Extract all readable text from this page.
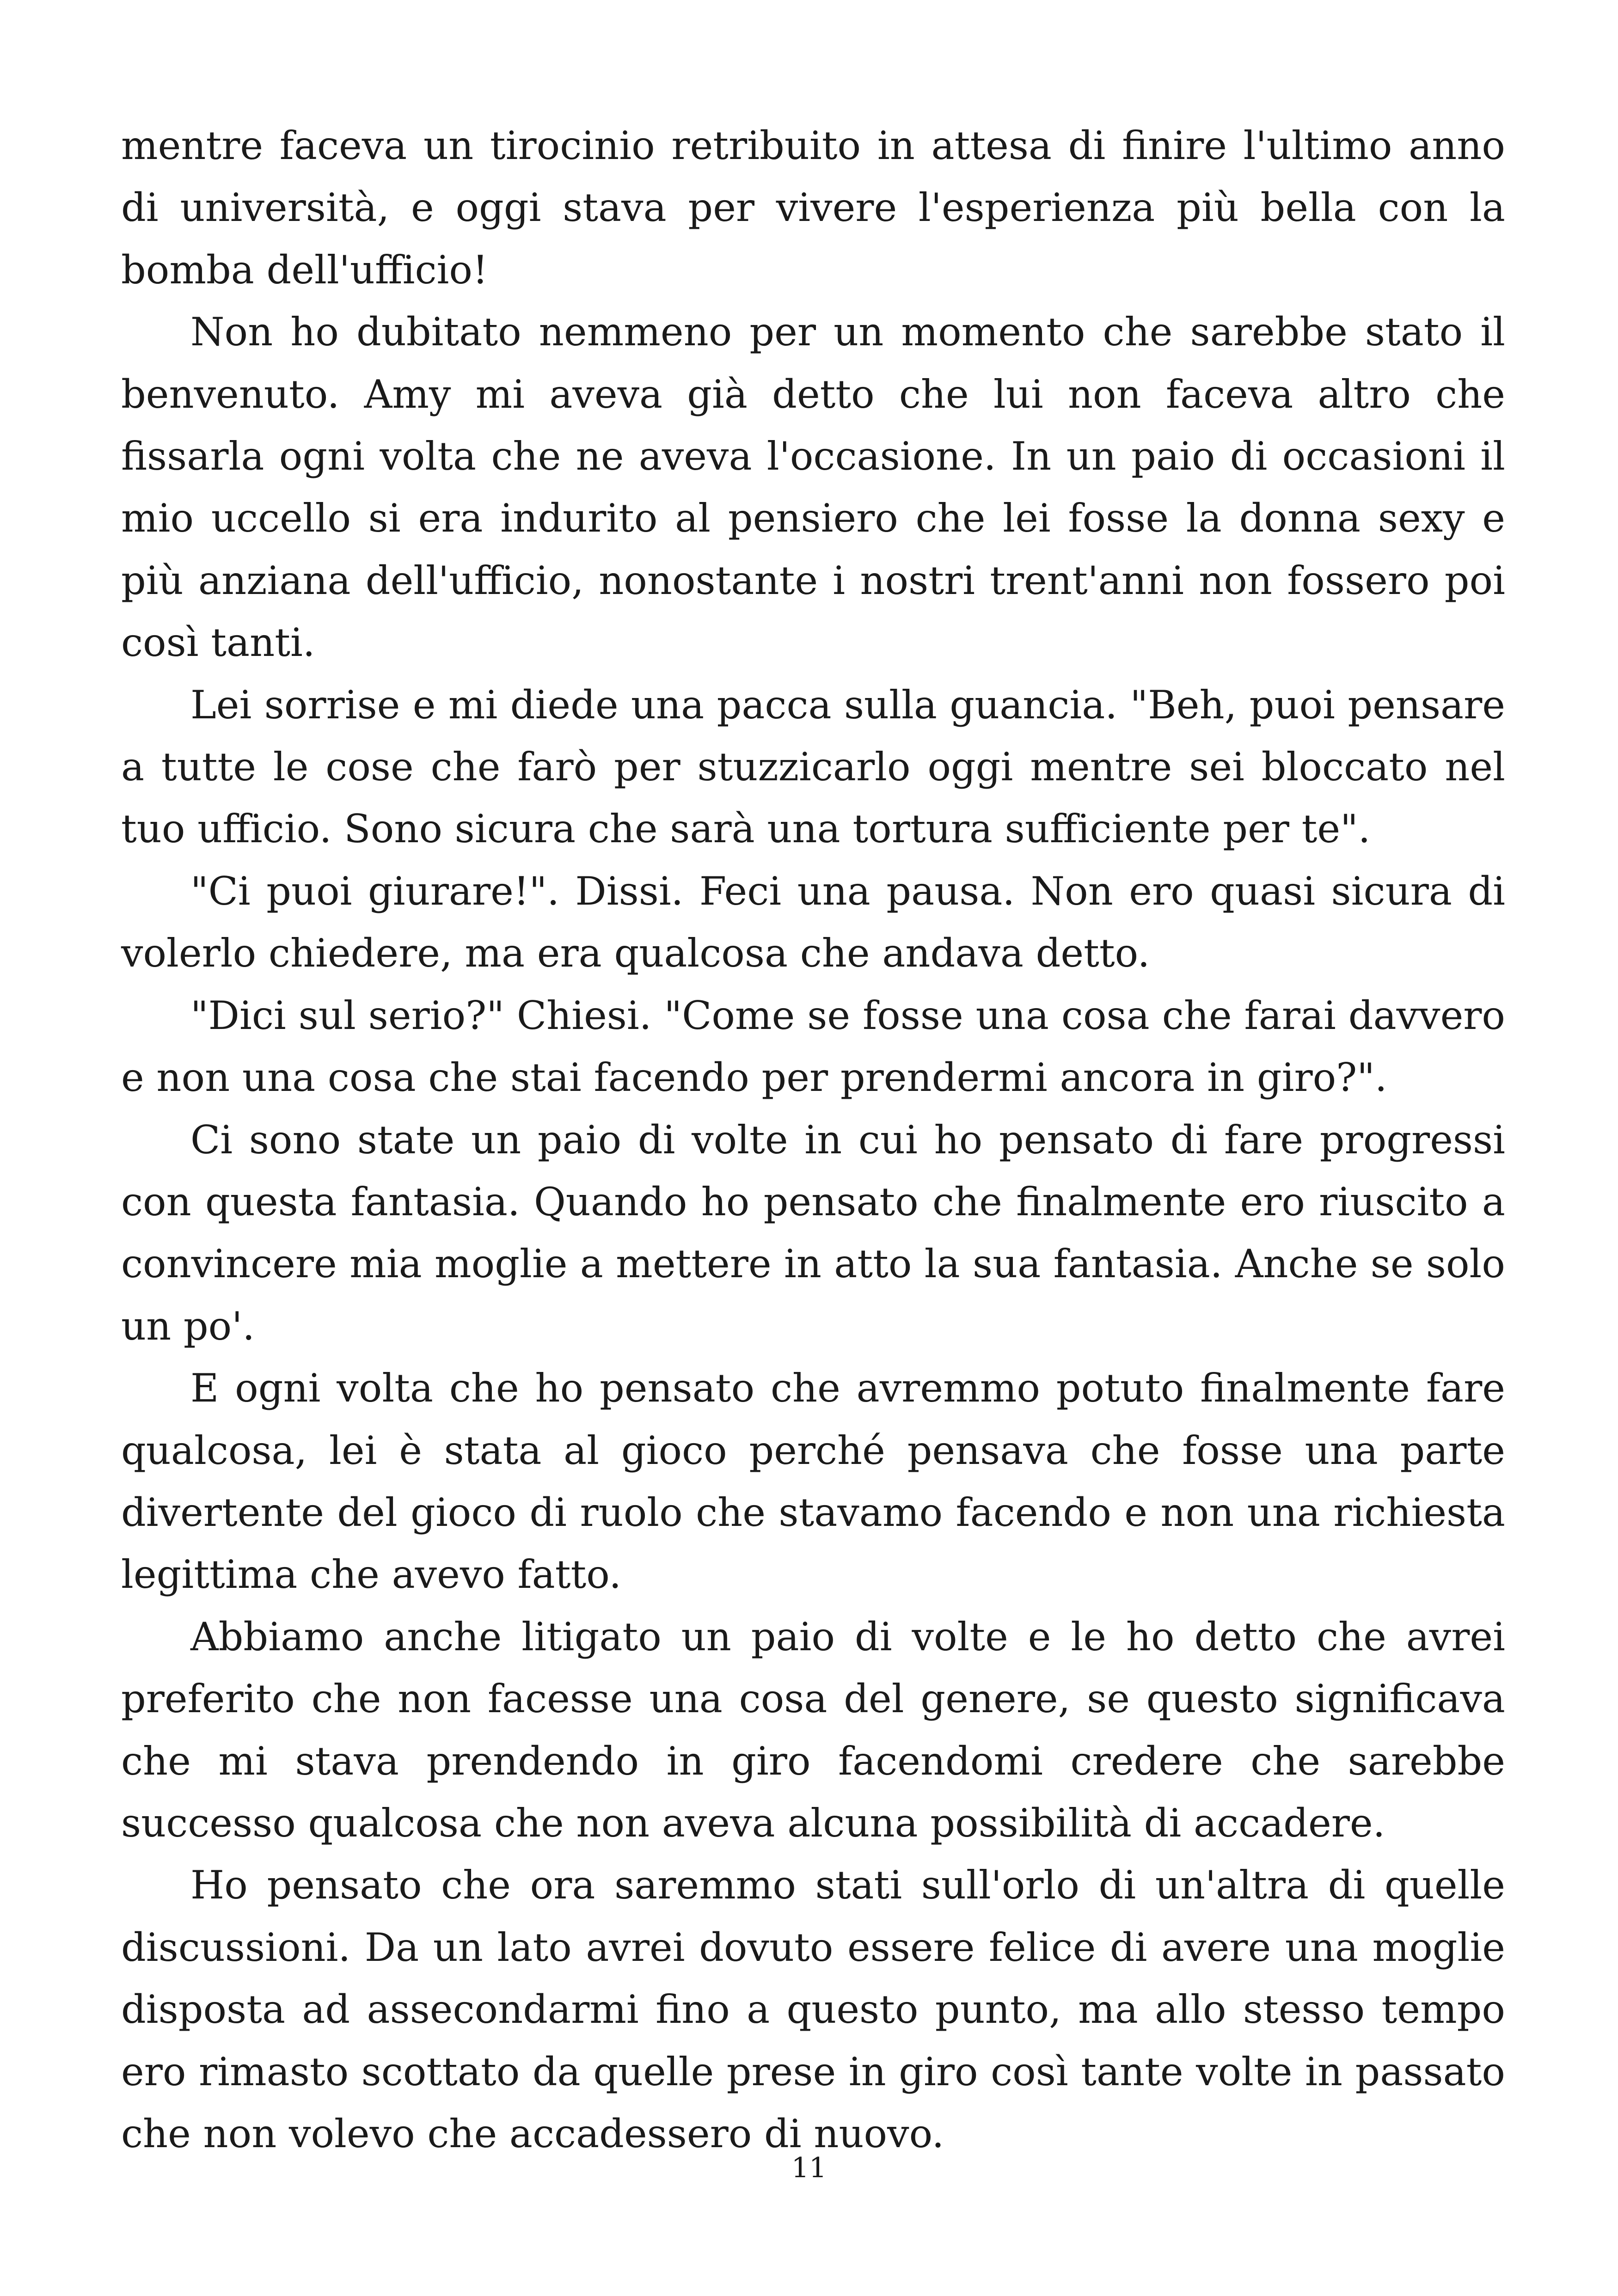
mentre faceva un tirocinio retribuito in attesa di finire l'ultimo anno di università, e oggi stava per vivere l'esperienza più bella con la bomba dell'ufficio!

Non ho dubitato nemmeno per un momento che sarebbe stato il benvenuto. Amy mi aveva già detto che lui non faceva altro che fissarla ogni volta che ne aveva l'occasione. In un paio di occasioni il mio uccello si era indurito al pensiero che lei fosse la donna sexy e più anziana dell'ufficio, nonostante i nostri trent'anni non fossero poi così tanti.

Lei sorrise e mi diede una pacca sulla guancia. "Beh, puoi pensare a tutte le cose che farò per stuzzicarlo oggi mentre sei bloccato nel tuo ufficio. Sono sicura che sarà una tortura sufficiente per te".

"Ci puoi giurare!". Dissi. Feci una pausa. Non ero quasi sicura di volerlo chiedere, ma era qualcosa che andava detto.

"Dici sul serio?" Chiesi. "Come se fosse una cosa che farai davvero e non una cosa che stai facendo per prendermi ancora in giro?".

Ci sono state un paio di volte in cui ho pensato di fare progressi con questa fantasia. Quando ho pensato che finalmente ero riuscito a convincere mia moglie a mettere in atto la sua fantasia. Anche se solo un po'.

E ogni volta che ho pensato che avremmo potuto finalmente fare qualcosa, lei è stata al gioco perché pensava che fosse una parte divertente del gioco di ruolo che stavamo facendo e non una richiesta legittima che avevo fatto.

Abbiamo anche litigato un paio di volte e le ho detto che avrei preferito che non facesse una cosa del genere, se questo significava che mi stava prendendo in giro facendomi credere che sarebbe successo qualcosa che non aveva alcuna possibilità di accadere.

Ho pensato che ora saremmo stati sull'orlo di un'altra di quelle discussioni. Da un lato avrei dovuto essere felice di avere una moglie disposta ad assecondarmi fino a questo punto, ma allo stesso tempo ero rimasto scottato da quelle prese in giro così tante volte in passato che non volevo che accadessero di nuovo.

11
